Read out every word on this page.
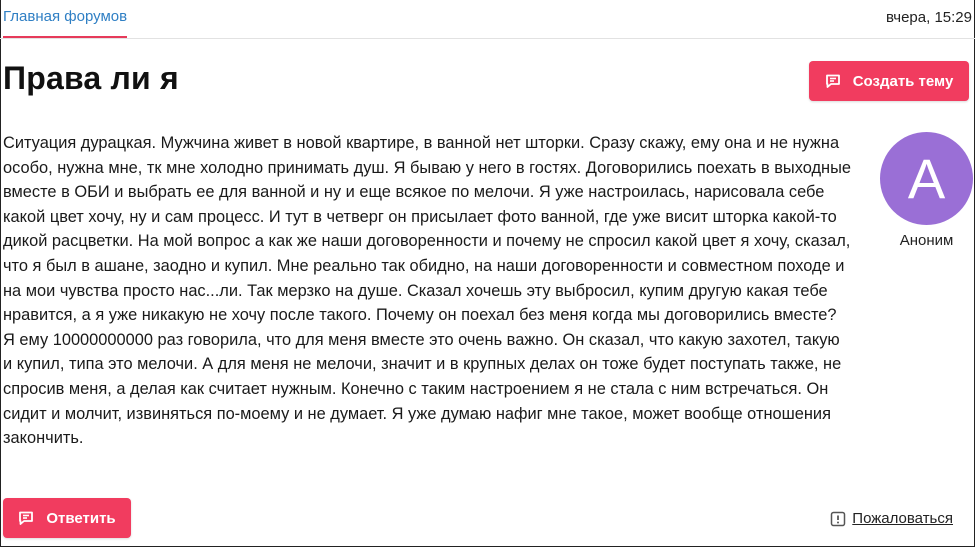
Главная форумов	вчера, 15:29
Права ли я	Создать тему

Ситуация дурацкая. Мужчина живет в новой квартире, в ванной нет шторки. Сразу скажу, ему она и не нужна особо, нужна мне, тк мне холодно принимать душ. Я бываю у него в гостях. Договорились поехать в выходные вместе в ОБИ и выбрать ее для ванной и ну и еще всякое по мелочи. Я уже настроилась, нарисовала себе какой цвет хочу, ну и сам процесс. И тут в четверг он присылает фото ванной, где уже висит шторка какой-то дикой расцветки. На мой вопрос а как же наши договоренности и почему не спросил какой цвет я хочу, сказал, что я был в ашане, заодно и купил. Мне реально так обидно, на наши договоренности и совместном походе и на мои чувства просто нас...ли. Так мерзко на душе. Сказал хочешь эту выбросил, купим другую какая тебе нравится, а я уже никакую не хочу после такого. Почему он поехал без меня когда мы договорились вместе? Я ему 10000000000 раз говорила, что для меня вместе это очень важно. Он сказал, что какую захотел, такую и купил, типа это мелочи. А для меня не мелочи, значит и в крупных делах он тоже будет поступать также, не спросив меня, а делая как считает нужным. Конечно с таким настроением я не стала с ним встречаться. Он сидит и молчит, извиняться по-моему и не думает. Я уже думаю нафиг мне такое, может вообще отношения закончить.

А
Аноним
Ответить	Пожаловаться
